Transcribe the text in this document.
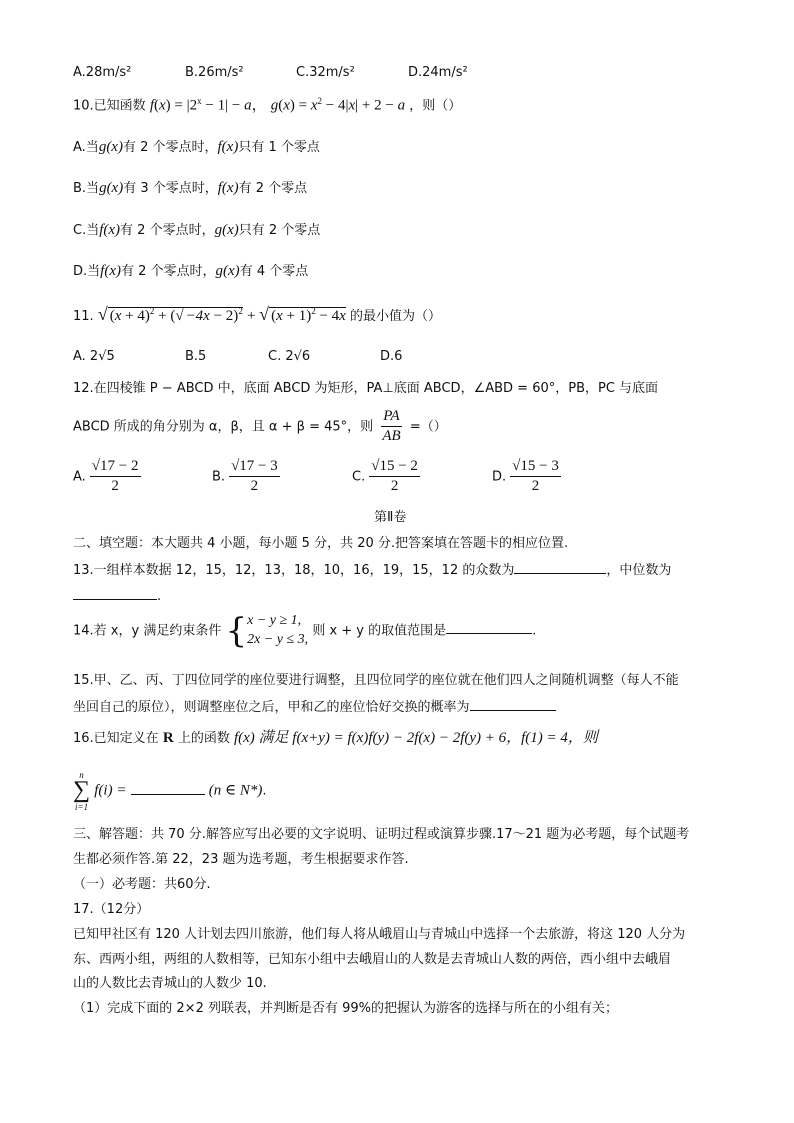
A.28m/s²	B.26m/s²	C.32m/s²	D.24m/s²
10.已知函数 $f(x) = |2^x - 1| - a$， $g(x) = x^2 - 4|x| + 2 - a$ ，则（）
A.当g(x)有 2 个零点时，f(x)只有 1 个零点
B.当g(x)有 3 个零点时，f(x)有 2 个零点
C.当f(x)有 2 个零点时，g(x)只有 2 个零点
D.当f(x)有 2 个零点时，g(x)有 4 个零点
11. √ $(x + 4)^2$ + (√ −4x − 2)$^2$ + √ $(x + 1)^2 - 4x$ 的最小值为（）
A. 2√5	B.5	C. 2√6	D.6
12.在四棱锥 P − ABCD 中，底面 ABCD 为矩形，PA⊥底面 ABCD，∠ABD = 60°，PB，PC 与底面
ABCD 所成的角分别为 α，β，且 α + β = 45°，则 $\frac{PA}{AB}$ =（）
A. $\frac{√17 - 2}{2}$	B. $\frac{√17 - 3}{2}$	C. $\frac{√15 - 2}{2}$	D. $\frac{√15 - 3}{2}$
第Ⅱ卷
二、填空题：本大题共 4 小题，每小题 5 分，共 20 分.把答案填在答题卡的相应位置.
13.一组样本数据 12，15，12，13，18，10，16，19，15，12 的众数为	，中位数为
.
14.若 x，y 满足约束条件 { x − y ≥ 1,
2x − y ≤ 3,
则 x + y 的取值范围是	.
15.甲、乙、丙、丁四位同学的座位要进行调整，且四位同学的座位就在他们四人之间随机调整（每人不能
坐回自己的原位），则调整座位之后，甲和乙的座位恰好交换的概率为
16.已知定义在 R 上的函数 f(x) 满足 f(x+y) = f(x)f(y) − 2f(x) − 2f(y) + 6，f(1) = 4，则
n
∑
i=1
f(i) =	(n ∈ N*).
三、解答题：共 70 分.解答应写出必要的文字说明、证明过程或演算步骤.17～21 题为必考题，每个试题考
生都必须作答.第 22，23 题为选考题，考生根据要求作答.
（一）必考题：共60分.
17.（12分）
已知甲社区有 120 人计划去四川旅游，他们每人将从峨眉山与青城山中选择一个去旅游，将这 120 人分为
东、西两小组，两组的人数相等，已知东小组中去峨眉山的人数是去青城山人数的两倍，西小组中去峨眉
山的人数比去青城山的人数少 10.
（1）完成下面的 2×2 列联表，并判断是否有 99%的把握认为游客的选择与所在的小组有关；
